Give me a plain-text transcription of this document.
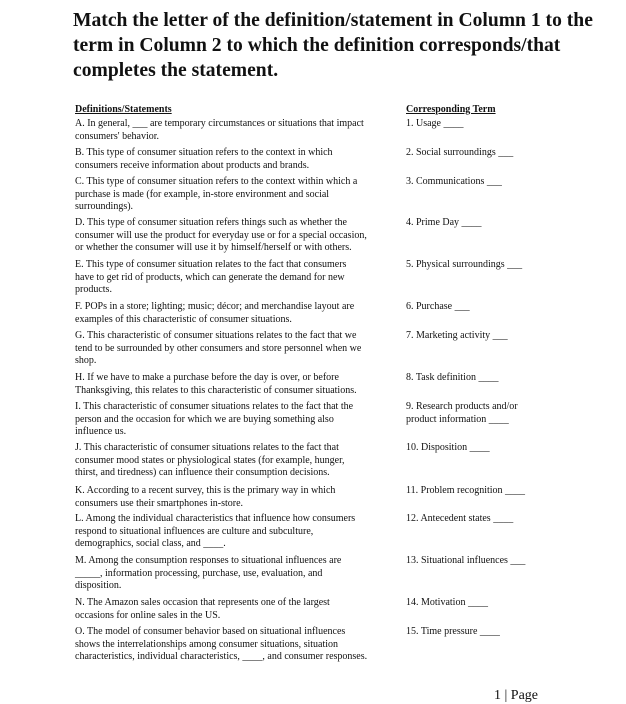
Match the letter of the definition/statement in Column 1 to the term in Column 2 to which the definition corresponds/that completes the statement.
Definitions/Statements	Corresponding Term
A. In general, ___ are temporary circumstances or situations that impact
consumers' behavior.
B. This type of consumer situation refers to the context in which
consumers receive information about products and brands.
C. This type of consumer situation refers to the context within which a
purchase is made (for example, in-store environment and social
surroundings).
D. This type of consumer situation refers things such as whether the
consumer will use the product for everyday use or for a special occasion,
or whether the consumer will use it by himself/herself or with others.
E. This type of consumer situation relates to the fact that consumers
have to get rid of products, which can generate the demand for new
products.
F. POPs in a store; lighting; music; décor; and merchandise layout are
examples of this characteristic of consumer situations.
G. This characteristic of consumer situations relates to the fact that we
tend to be surrounded by other consumers and store personnel when we
shop.
H. If we have to make a purchase before the day is over, or before
Thanksgiving, this relates to this characteristic of consumer situations.
I. This characteristic of consumer situations relates to the fact that the
person and the occasion for which we are buying something also
influence us.
J. This characteristic of consumer situations relates to the fact that
consumer mood states or physiological states (for example, hunger,
thirst, and tiredness) can influence their consumption decisions.
K. According to a recent survey, this is the primary way in which
consumers use their smartphones in-store.
L. Among the individual characteristics that influence how consumers
respond to situational influences are culture and subculture,
demographics, social class, and ____.
M. Among the consumption responses to situational influences are
_____, information processing, purchase, use, evaluation, and
disposition.
N. The Amazon sales occasion that represents one of the largest
occasions for online sales in the US.
O. The model of consumer behavior based on situational influences
shows the interrelationships among consumer situations, situation
characteristics, individual characteristics, ____, and consumer responses.
1. Usage ____
2. Social surroundings ___
3. Communications ___
4. Prime Day ____
5. Physical surroundings ___
6. Purchase ___
7. Marketing activity ___
8. Task definition ____
9. Research products and/or
product information ____
10. Disposition ____
11. Problem recognition ____
12. Antecedent states ____
13. Situational influences ___
14. Motivation ____
15. Time pressure ____
1 | Page
